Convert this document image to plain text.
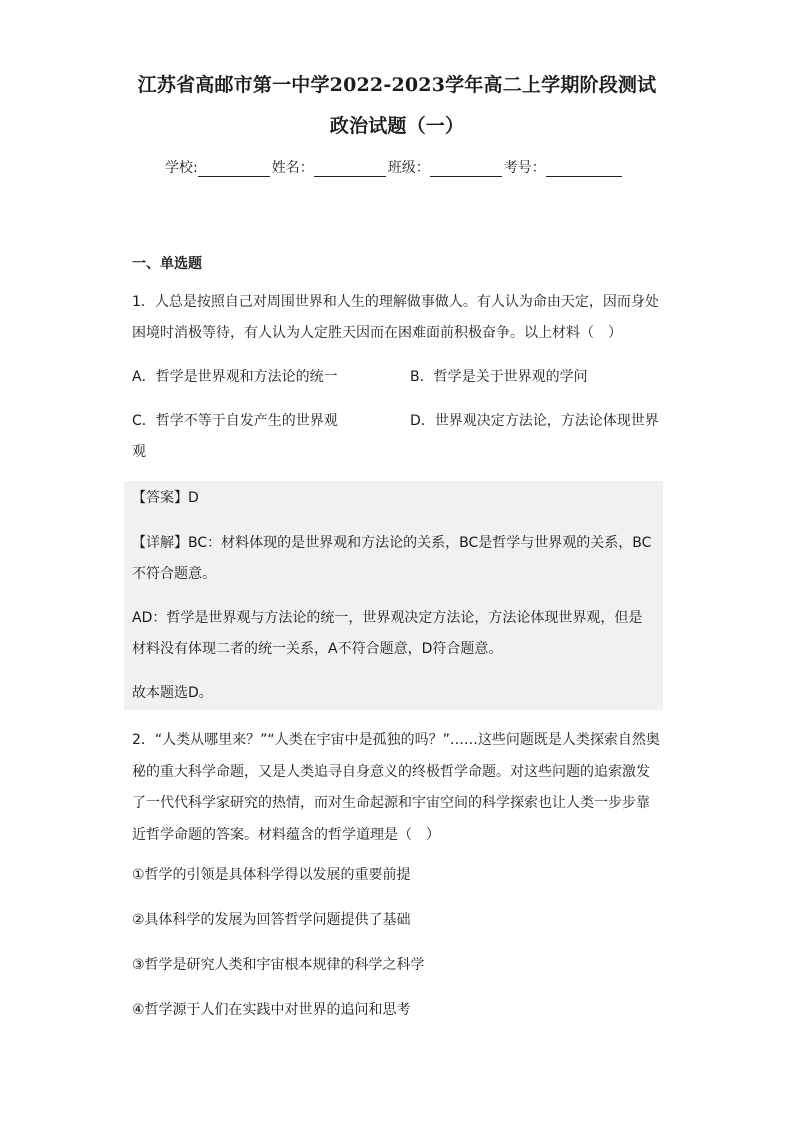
江苏省高邮市第一中学2022-2023学年高二上学期阶段测试
政治试题（一）
学校:	姓名：	班级：	考号：
一、单选题
1．人总是按照自己对周围世界和人生的理解做事做人。有人认为命由天定，因而身处困境时消极等待，有人认为人定胜天因而在困难面前积极奋争。以上材料（　）
A．哲学是世界观和方法论的统一	B．哲学是关于世界观的学问
C．哲学不等于自发产生的世界观	D．世界观决定方法论，方法论体现世界
观
【答案】D
【详解】BC：材料体现的是世界观和方法论的关系，BC是哲学与世界观的关系，BC不符合题意。
AD：哲学是世界观与方法论的统一，世界观决定方法论，方法论体现世界观，但是材料没有体现二者的统一关系，A不符合题意，D符合题意。
故本题选D。
2．“人类从哪里来？”“人类在宇宙中是孤独的吗？”……这些问题既是人类探索自然奥秘的重大科学命题，又是人类追寻自身意义的终极哲学命题。对这些问题的追索激发了一代代科学家研究的热情，而对生命起源和宇宙空间的科学探索也让人类一步步靠近哲学命题的答案。材料蕴含的哲学道理是（　）
①哲学的引领是具体科学得以发展的重要前提
②具体科学的发展为回答哲学问题提供了基础
③哲学是研究人类和宇宙根本规律的科学之科学
④哲学源于人们在实践中对世界的追问和思考
